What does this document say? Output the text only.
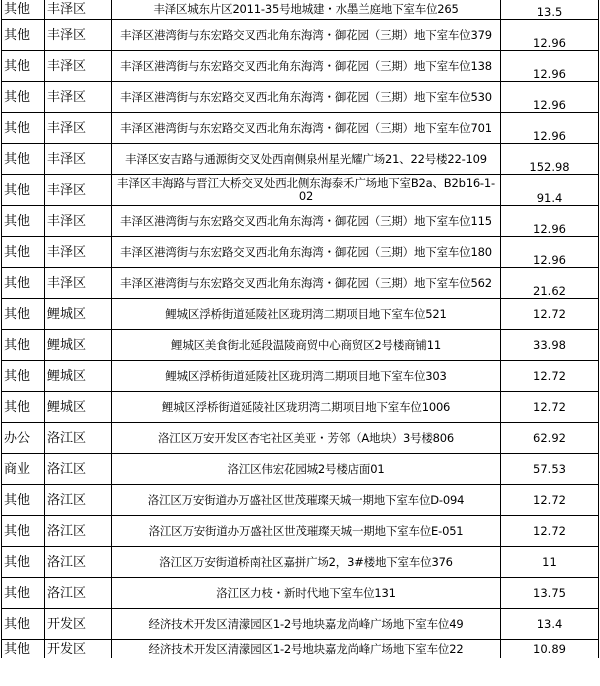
其他	丰泽区	丰泽区城东片区2011-35号地城建・水墨兰庭地下室车位265	13.5
其他	丰泽区	丰泽区港湾街与东宏路交叉西北角东海湾・御花园（三期）地下室车位379	12.96
其他	丰泽区	丰泽区港湾街与东宏路交叉西北角东海湾・御花园（三期）地下室车位138	12.96
其他	丰泽区	丰泽区港湾街与东宏路交叉西北角东海湾・御花园（三期）地下室车位530	12.96
其他	丰泽区	丰泽区港湾街与东宏路交叉西北角东海湾・御花园（三期）地下室车位701	12.96
其他	丰泽区	丰泽区安吉路与通源街交叉处西南侧泉州星光耀广场21、22号楼22-109	152.98
其他	丰泽区	丰泽区丰海路与晋江大桥交叉处西北侧东海泰禾广场地下室B2a、B2b16-1-02	91.4
其他	丰泽区	丰泽区港湾街与东宏路交叉西北角东海湾・御花园（三期）地下室车位115	12.96
其他	丰泽区	丰泽区港湾街与东宏路交叉西北角东海湾・御花园（三期）地下室车位180	12.96
其他	丰泽区	丰泽区港湾街与东宏路交叉西北角东海湾・御花园（三期）地下室车位562	21.62
其他	鲤城区	鲤城区浮桥街道延陵社区珑玥湾二期项目地下室车位521	12.72
其他	鲤城区	鲤城区美食街北延段温陵商贸中心商贸区2号楼商铺11	33.98
其他	鲤城区	鲤城区浮桥街道延陵社区珑玥湾二期项目地下室车位303	12.72
其他	鲤城区	鲤城区浮桥街道延陵社区珑玥湾二期项目地下室车位1006	12.72
办公	洛江区	洛江区万安开发区杏宅社区美亚・芳邻（A地块）3号楼806	62.92
商业	洛江区	洛江区伟宏花园城2号楼店面01	57.53
其他	洛江区	洛江区万安街道办万盛社区世茂璀璨天城一期地下室车位D-094	12.72
其他	洛江区	洛江区万安街道办万盛社区世茂璀璨天城一期地下室车位E-051	12.72
其他	洛江区	洛江区万安街道桥南社区嘉拼广场2，3#楼地下室车位376	11
其他	洛江区	洛江区力枝・新时代地下室车位131	13.75
其他	开发区	经济技术开发区清濛园区1-2号地块嘉龙尚峰广场地下室车位49	13.4
其他	开发区	经济技术开发区清濛园区1-2号地块嘉龙尚峰广场地下室车位22	10.89
